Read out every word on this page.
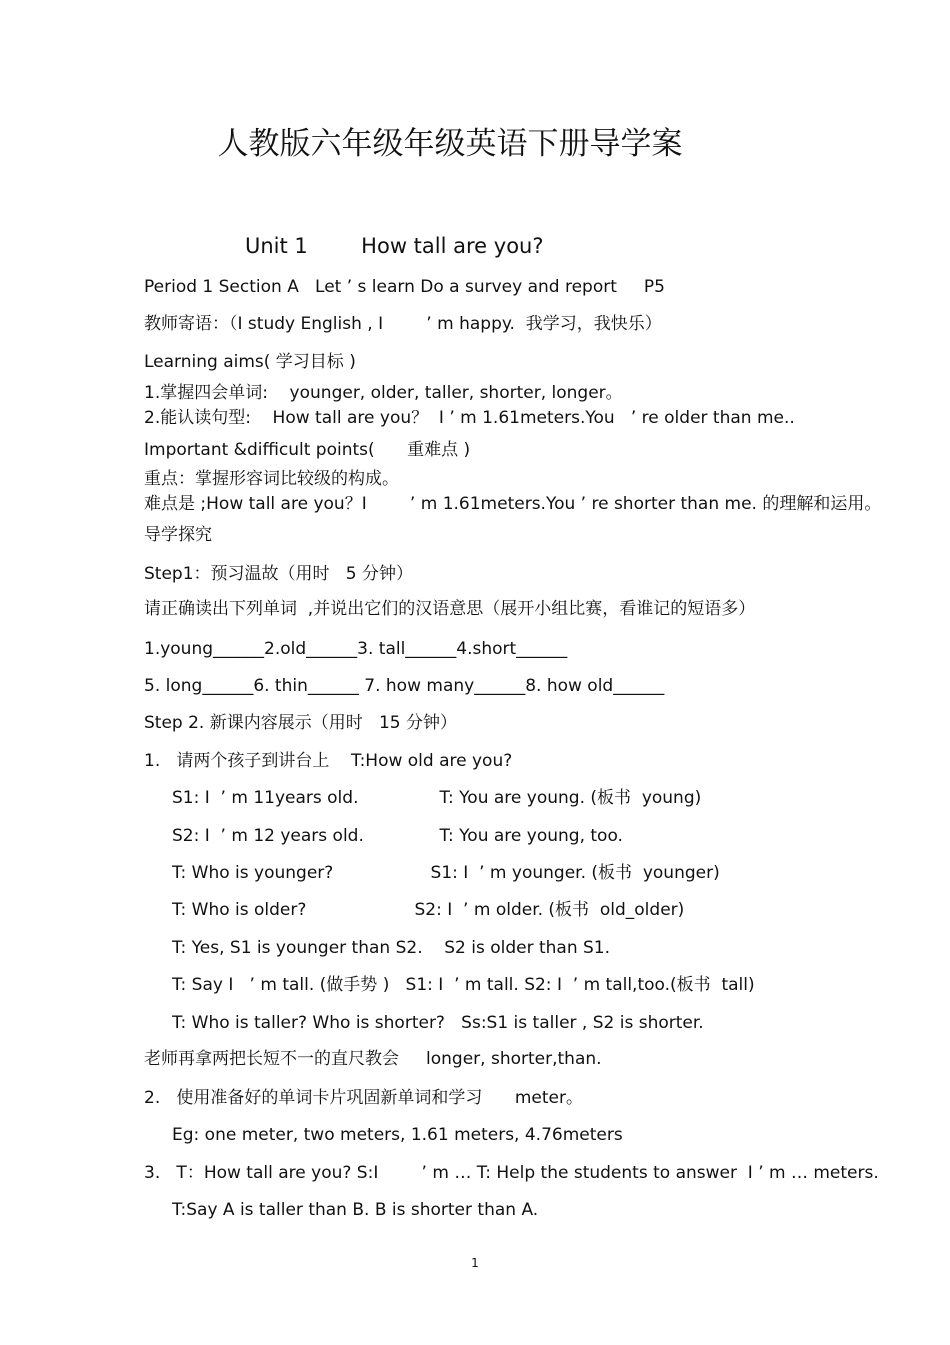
人教版六年级年级英语下册导学案
Unit 1        How tall are you?
Period 1 Section A   Let ’ s learn Do a survey and report     P5
教师寄语：（I study English , I        ’ m happy.  我学习，我快乐）
Learning aims( 学习目标 )
1.掌握四会单词:    younger, older, taller, shorter, longer。
2.能认读句型:    How tall are you？  I ’ m 1.61meters.You   ’ re older than me..
Important &difficult points(      重难点 )
重点：掌握形容词比较级的构成。
难点是 ;How tall are you？I        ’ m 1.61meters.You ’ re shorter than me. 的理解和运用。
导学探究
Step1：预习温故（用时   5 分钟）
请正确读出下列单词  ,并说出它们的汉语意思（展开小组比赛，看谁记的短语多）
1.young______2.old______3. tall______4.short______
5. long______6. thin______ 7. how many______8. how old______
Step 2. 新课内容展示（用时   15 分钟）
1.   请两个孩子到讲台上    T:How old are you?
S1: I  ’ m 11years old.               T: You are young. (板书  young)
S2: I  ’ m 12 years old.              T: You are young, too.
T: Who is younger?                  S1: I  ’ m younger. (板书  younger)
T: Who is older?                    S2: I  ’ m older. (板书  old_older)
T: Yes, S1 is younger than S2.    S2 is older than S1.
T: Say I   ’ m tall. (做手势 )   S1: I  ’ m tall. S2: I  ’ m tall,too.(板书  tall)
T: Who is taller? Who is shorter?   Ss:S1 is taller , S2 is shorter.
老师再拿两把长短不一的直尺教会     longer, shorter,than.
2.   使用准备好的单词卡片巩固新单词和学习      meter。
Eg: one meter, two meters, 1.61 meters, 4.76meters
3.   T：How tall are you? S:I        ’ m … T: Help the students to answer  I ’ m … meters.
T:Say A is taller than B. B is shorter than A.
1
